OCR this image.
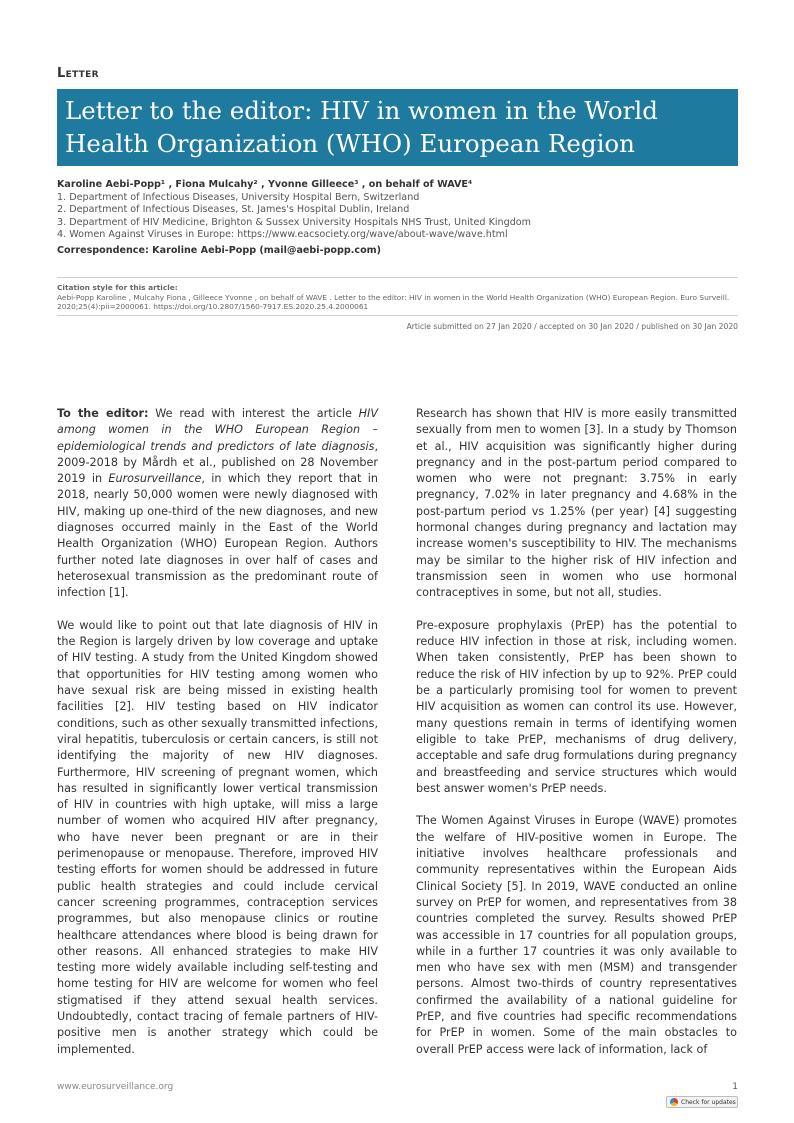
Letter
Letter to the editor: HIV in women in the World Health Organization (WHO) European Region
Karoline Aebi-Popp¹ , Fiona Mulcahy² , Yvonne Gilleece³ , on behalf of WAVE⁴
1. Department of Infectious Diseases, University Hospital Bern, Switzerland
2. Department of Infectious Diseases, St. James's Hospital Dublin, Ireland
3. Department of HIV Medicine, Brighton & Sussex University Hospitals NHS Trust, United Kingdom
4. Women Against Viruses in Europe: https://www.eacsociety.org/wave/about-wave/wave.html
Correspondence: Karoline Aebi-Popp (mail@aebi-popp.com)
Citation style for this article:
Aebi-Popp Karoline , Mulcahy Fiona , Gilleece Yvonne , on behalf of WAVE . Letter to the editor: HIV in women in the World Health Organization (WHO) European Region. Euro Surveill. 2020;25(4):pii=2000061. https://doi.org/10.2807/1560-7917.ES.2020.25.4.2000061
Article submitted on 27 Jan 2020 / accepted on 30 Jan 2020 / published on 30 Jan 2020

To the editor: We read with interest the article HIV among women in the WHO European Region – epidemiological trends and predictors of late diagnosis, 2009-2018 by Mårdh et al., published on 28 November 2019 in Eurosurveillance, in which they report that in 2018, nearly 50,000 women were newly diagnosed with HIV, making up one-third of the new diagnoses, and new diagnoses occurred mainly in the East of the World Health Organization (WHO) European Region. Authors further noted late diagnoses in over half of cases and heterosexual transmission as the predominant route of infection [1].

We would like to point out that late diagnosis of HIV in the Region is largely driven by low coverage and uptake of HIV testing. A study from the United Kingdom showed that opportunities for HIV testing among women who have sexual risk are being missed in existing health facilities [2]. HIV testing based on HIV indicator conditions, such as other sexually transmitted infections, viral hepatitis, tuberculosis or certain cancers, is still not identifying the majority of new HIV diagnoses. Furthermore, HIV screening of pregnant women, which has resulted in significantly lower vertical transmission of HIV in countries with high uptake, will miss a large number of women who acquired HIV after pregnancy, who have never been pregnant or are in their perimenopause or menopause. Therefore, improved HIV testing efforts for women should be addressed in future public health strategies and could include cervical cancer screening programmes, contraception services programmes, but also menopause clinics or routine healthcare attendances where blood is being drawn for other reasons. All enhanced strategies to make HIV testing more widely available including self-testing and home testing for HIV are welcome for women who feel stigmatised if they attend sexual health services. Undoubtedly, contact tracing of female partners of HIV-positive men is another strategy which could be implemented.

Research has shown that HIV is more easily transmitted sexually from men to women [3]. In a study by Thomson et al., HIV acquisition was significantly higher during pregnancy and in the post-partum period compared to women who were not pregnant: 3.75% in early pregnancy, 7.02% in later pregnancy and 4.68% in the post-partum period vs 1.25% (per year) [4] suggesting hormonal changes during pregnancy and lactation may increase women's susceptibility to HIV. The mechanisms may be similar to the higher risk of HIV infection and transmission seen in women who use hormonal contraceptives in some, but not all, studies.

Pre-exposure prophylaxis (PrEP) has the potential to reduce HIV infection in those at risk, including women. When taken consistently, PrEP has been shown to reduce the risk of HIV infection by up to 92%. PrEP could be a particularly promising tool for women to prevent HIV acquisition as women can control its use. However, many questions remain in terms of identifying women eligible to take PrEP, mechanisms of drug delivery, acceptable and safe drug formulations during pregnancy and breastfeeding and service structures which would best answer women's PrEP needs.

The Women Against Viruses in Europe (WAVE) promotes the welfare of HIV-positive women in Europe. The initiative involves healthcare professionals and community representatives within the European Aids Clinical Society [5]. In 2019, WAVE conducted an online survey on PrEP for women, and representatives from 38 countries completed the survey. Results showed PrEP was accessible in 17 countries for all population groups, while in a further 17 countries it was only available to men who have sex with men (MSM) and transgender persons. Almost two-thirds of country representatives confirmed the availability of a national guideline for PrEP, and five countries had specific recommendations for PrEP in women. Some of the main obstacles to overall PrEP access were lack of information, lack of

www.eurosurveillance.org	1
Check for updates
